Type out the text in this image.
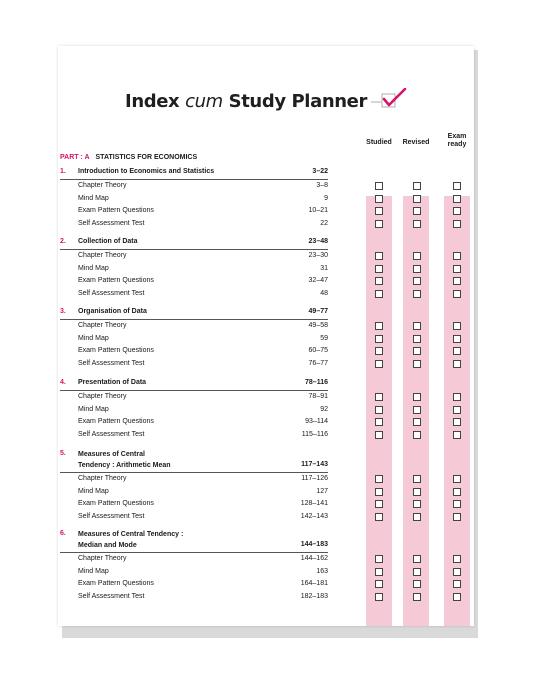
Index cum Study Planner
Studied	Revised
Exam
ready
PART : A STATISTICS FOR ECONOMICS
1.	Introduction to Economics and Statistics	3–22
Chapter Theory	3–8
Mind Map	9
Exam Pattern Questions	10–21
Self Assessment Test	22
2.	Collection of Data	23–48
Chapter Theory	23–30
Mind Map	31
Exam Pattern Questions	32–47
Self Assessment Test	48
3.	Organisation of Data	49–77
Chapter Theory	49–58
Mind Map	59
Exam Pattern Questions	60–75
Self Assessment Test	76–77
4.	Presentation of Data	78–116
Chapter Theory	78–91
Mind Map	92
Exam Pattern Questions	93–114
Self Assessment Test	115–116
5.	Measures of Central
Tendency : Arithmetic Mean	117–143
Chapter Theory	117–126
Mind Map	127
Exam Pattern Questions	128–141
Self Assessment Test	142–143
6.	Measures of Central Tendency :
Median and Mode	144–183
Chapter Theory	144–162
Mind Map	163
Exam Pattern Questions	164–181
Self Assessment Test	182–183
